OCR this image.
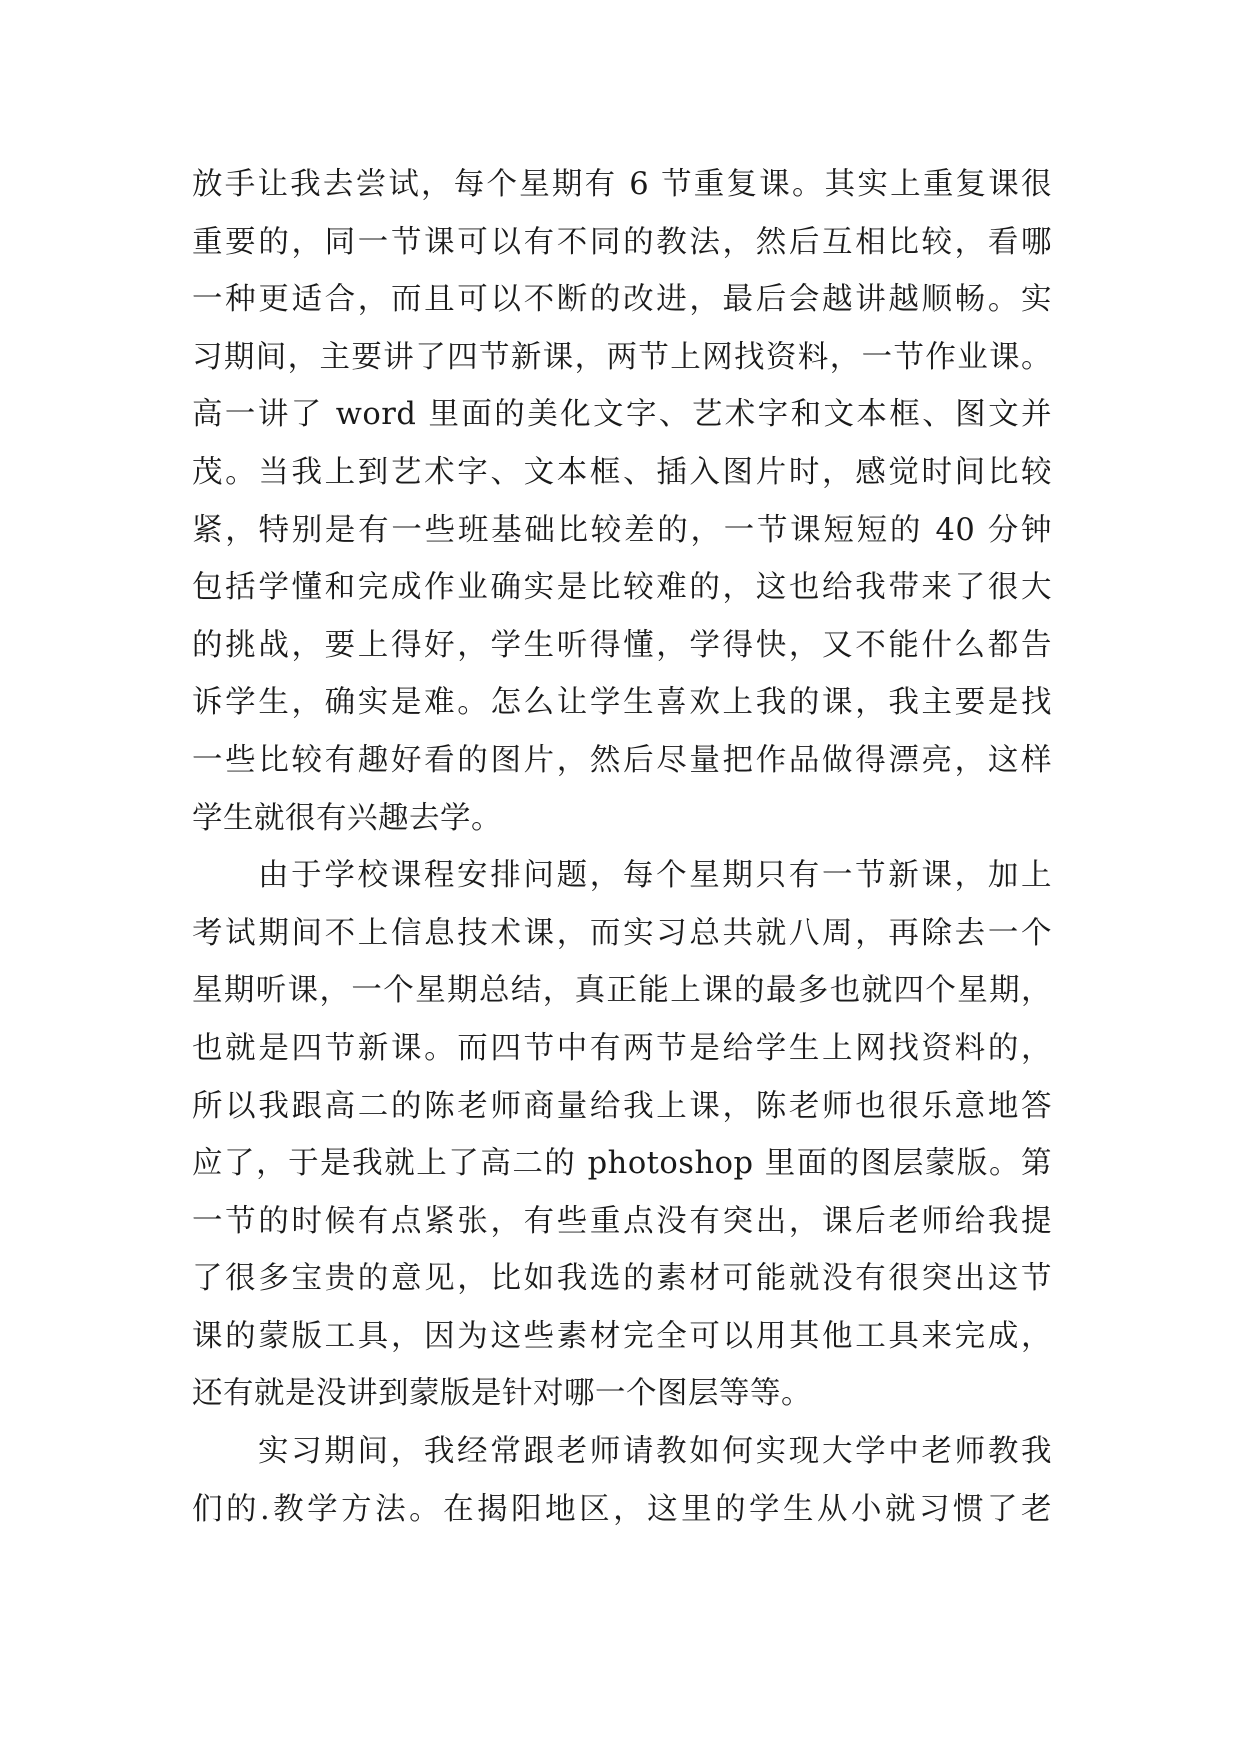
放手让我去尝试，每个星期有 6 节重复课。其实上重复课很
重要的，同一节课可以有不同的教法，然后互相比较，看哪
一种更适合，而且可以不断的改进，最后会越讲越顺畅。实
习期间，主要讲了四节新课，两节上网找资料，一节作业课。
高一讲了 word 里面的美化文字、艺术字和文本框、图文并
茂。当我上到艺术字、文本框、插入图片时，感觉时间比较
紧，特别是有一些班基础比较差的，一节课短短的 40 分钟
包括学懂和完成作业确实是比较难的，这也给我带来了很大
的挑战，要上得好，学生听得懂，学得快，又不能什么都告
诉学生，确实是难。怎么让学生喜欢上我的课，我主要是找
一些比较有趣好看的图片，然后尽量把作品做得漂亮，这样
学生就很有兴趣去学。
由于学校课程安排问题，每个星期只有一节新课，加上
考试期间不上信息技术课，而实习总共就八周，再除去一个
星期听课，一个星期总结，真正能上课的最多也就四个星期，
也就是四节新课。而四节中有两节是给学生上网找资料的，
所以我跟高二的陈老师商量给我上课，陈老师也很乐意地答
应了，于是我就上了高二的 photoshop 里面的图层蒙版。第
一节的时候有点紧张，有些重点没有突出，课后老师给我提
了很多宝贵的意见，比如我选的素材可能就没有很突出这节
课的蒙版工具，因为这些素材完全可以用其他工具来完成，
还有就是没讲到蒙版是针对哪一个图层等等。
实习期间，我经常跟老师请教如何实现大学中老师教我
们的.教学方法。在揭阳地区，这里的学生从小就习惯了老
